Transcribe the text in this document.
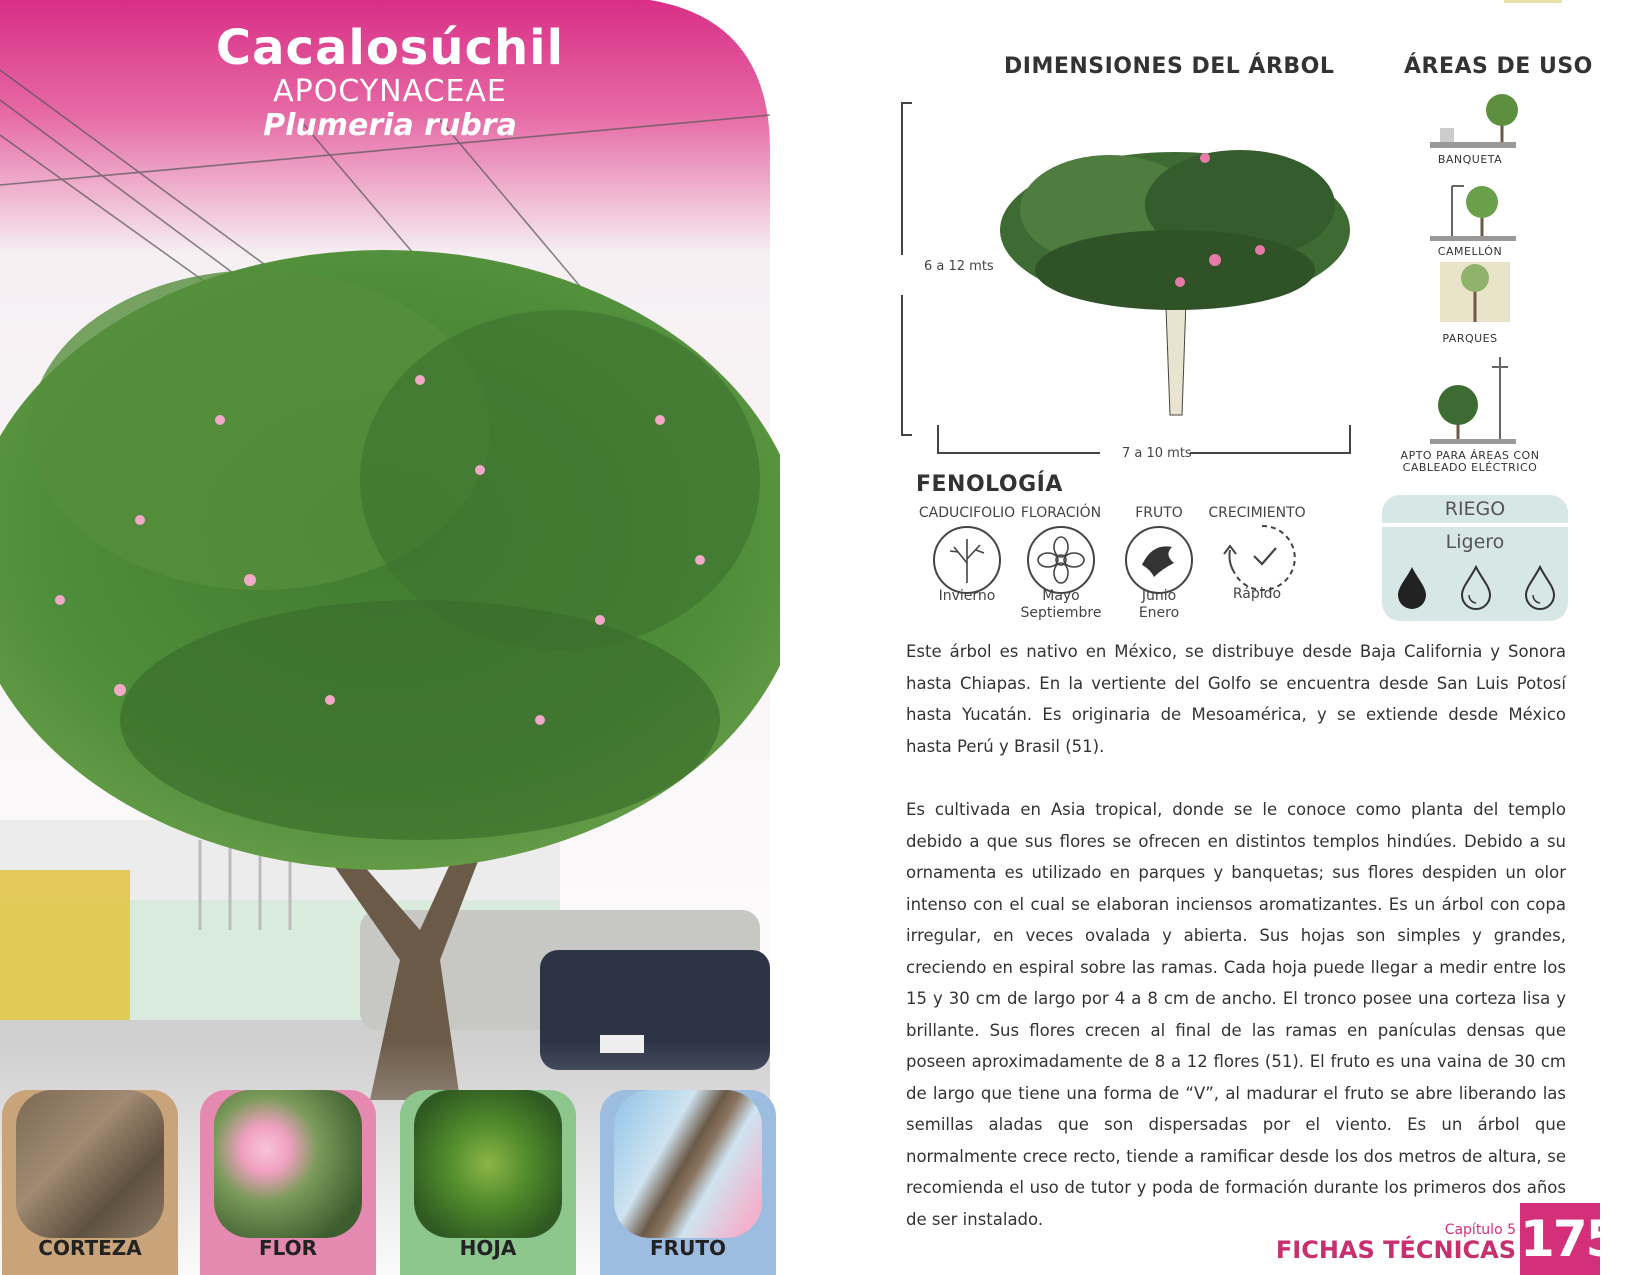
Cacalosúchil
APOCYNACEAE
Plumeria rubra
CORTEZA	FLOR	HOJA	FRUTO
DIMENSIONES DEL ÁRBOL	ÁREAS DE USO
6 a 12 mts
7 a 10 mts
BANQUETA
CAMELLÓN
PARQUES
APTO PARA ÁREAS CON
CABLEADO ELÉCTRICO
FENOLOGÍA
CADUCIFOLIO FLORACIÓN	FRUTO	CRECIMIENTO
Invierno	Mayo
Septiembre
Junio
Enero
Rápido
RIEGO
Ligero
Este árbol es nativo en México, se distribuye desde Baja California y Sonora hasta Chiapas. En la vertiente del Golfo se encuentra desde San Luis Potosí hasta Yucatán. Es originaria de Mesoamérica, y se extiende desde México hasta Perú y Brasil (51).
Es cultivada en Asia tropical, donde se le conoce como planta del templo debido a que sus flores se ofrecen en distintos templos hindúes. Debido a su ornamenta es utilizado en parques y banquetas; sus flores despiden un olor intenso con el cual se elaboran inciensos aromatizantes. Es un árbol con copa irregular, en veces ovalada y abierta. Sus hojas son simples y grandes, creciendo en espiral sobre las ramas. Cada hoja puede llegar a medir entre los 15 y 30 cm de largo por 4 a 8 cm de ancho. El tronco posee una corteza lisa y brillante. Sus flores crecen al final de las ramas en panículas densas que poseen aproximadamente de 8 a 12 flores (51). El fruto es una vaina de 30 cm de largo que tiene una forma de “V”, al madurar el fruto se abre liberando las semillas aladas que son dispersadas por el viento. Es un árbol que normalmente crece recto, tiende a ramificar desde los dos metros de altura, se recomienda el uso de tutor y poda de formación durante los primeros dos años de ser instalado.
Capítulo 5
FICHAS TÉCNICAS 175
